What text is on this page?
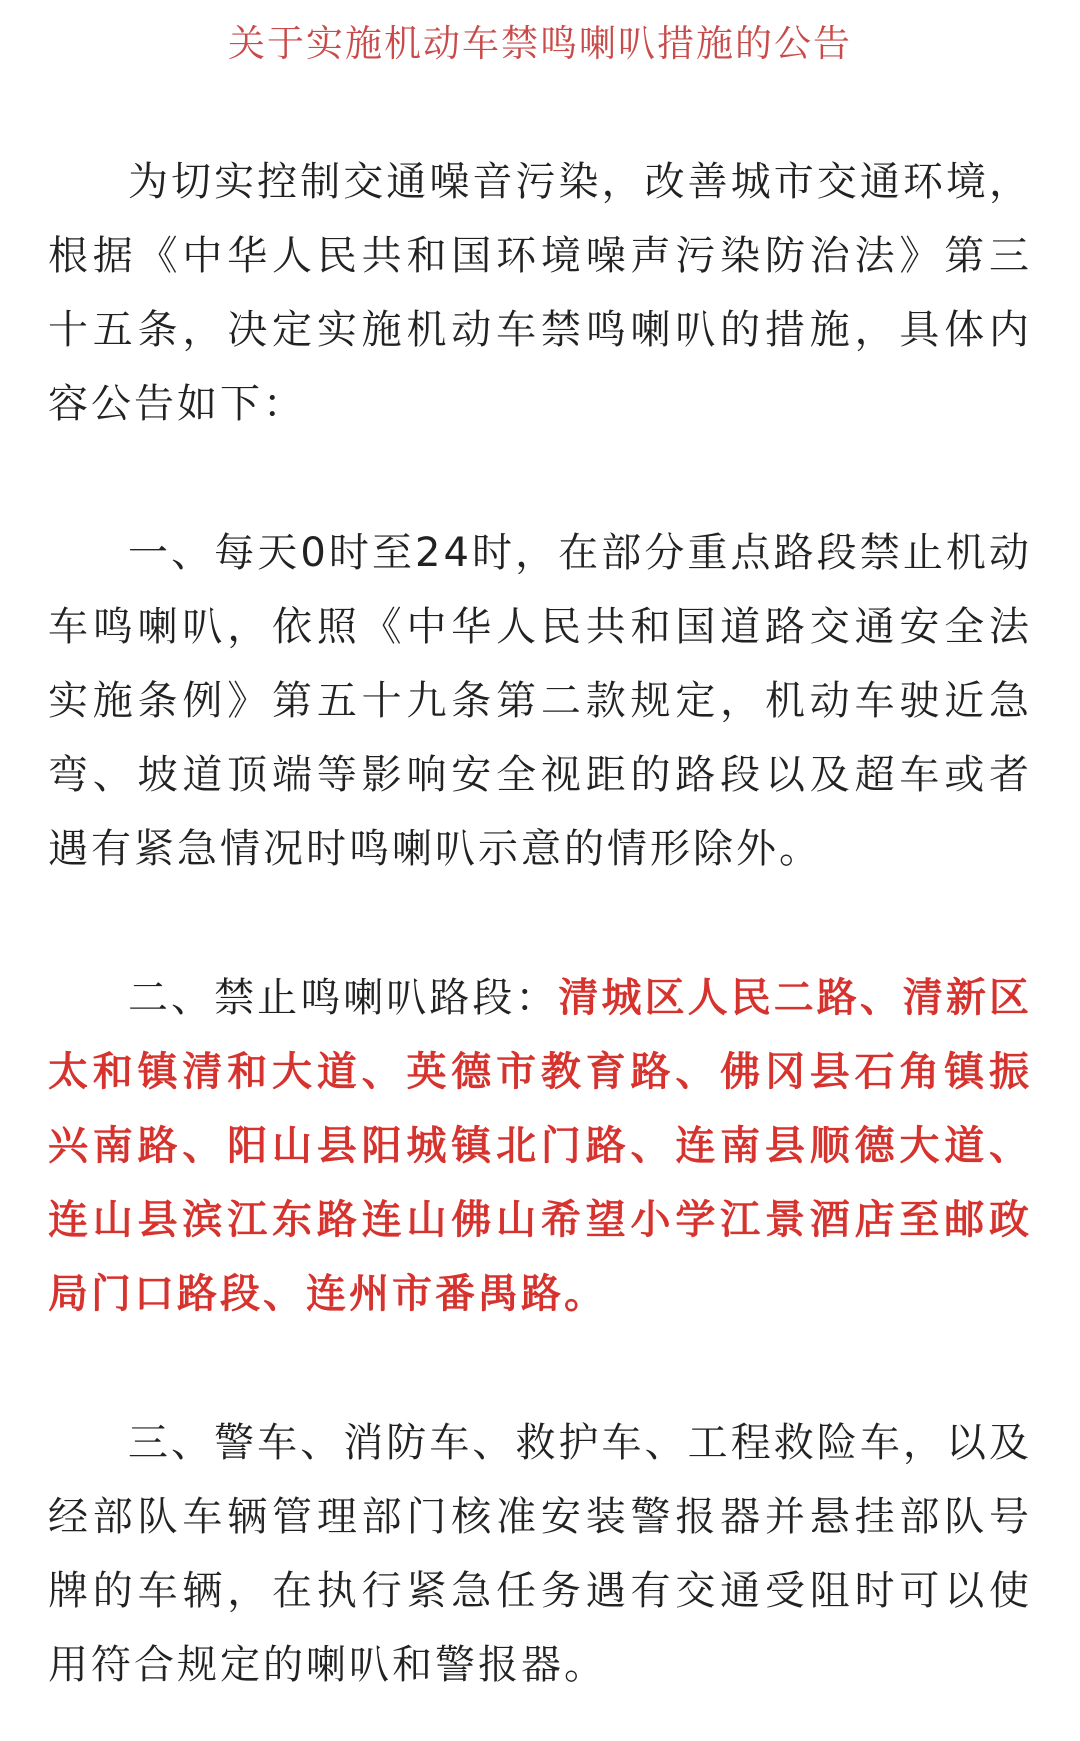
关于实施机动车禁鸣喇叭措施的公告

为切实控制交通噪音污染，改善城市交通环境，根据《中华人民共和国环境噪声污染防治法》第三十五条，决定实施机动车禁鸣喇叭的措施，具体内容公告如下：

一、每天0时至24时，在部分重点路段禁止机动车鸣喇叭，依照《中华人民共和国道路交通安全法实施条例》第五十九条第二款规定，机动车驶近急弯、坡道顶端等影响安全视距的路段以及超车或者遇有紧急情况时鸣喇叭示意的情形除外。

二、禁止鸣喇叭路段：清城区人民二路、清新区太和镇清和大道、英德市教育路、佛冈县石角镇振兴南路、阳山县阳城镇北门路、连南县顺德大道、连山县滨江东路连山佛山希望小学江景酒店至邮政局门口路段、连州市番禺路。

三、警车、消防车、救护车、工程救险车，以及经部队车辆管理部门核准安装警报器并悬挂部队号牌的车辆，在执行紧急任务遇有交通受阻时可以使用符合规定的喇叭和警报器。
